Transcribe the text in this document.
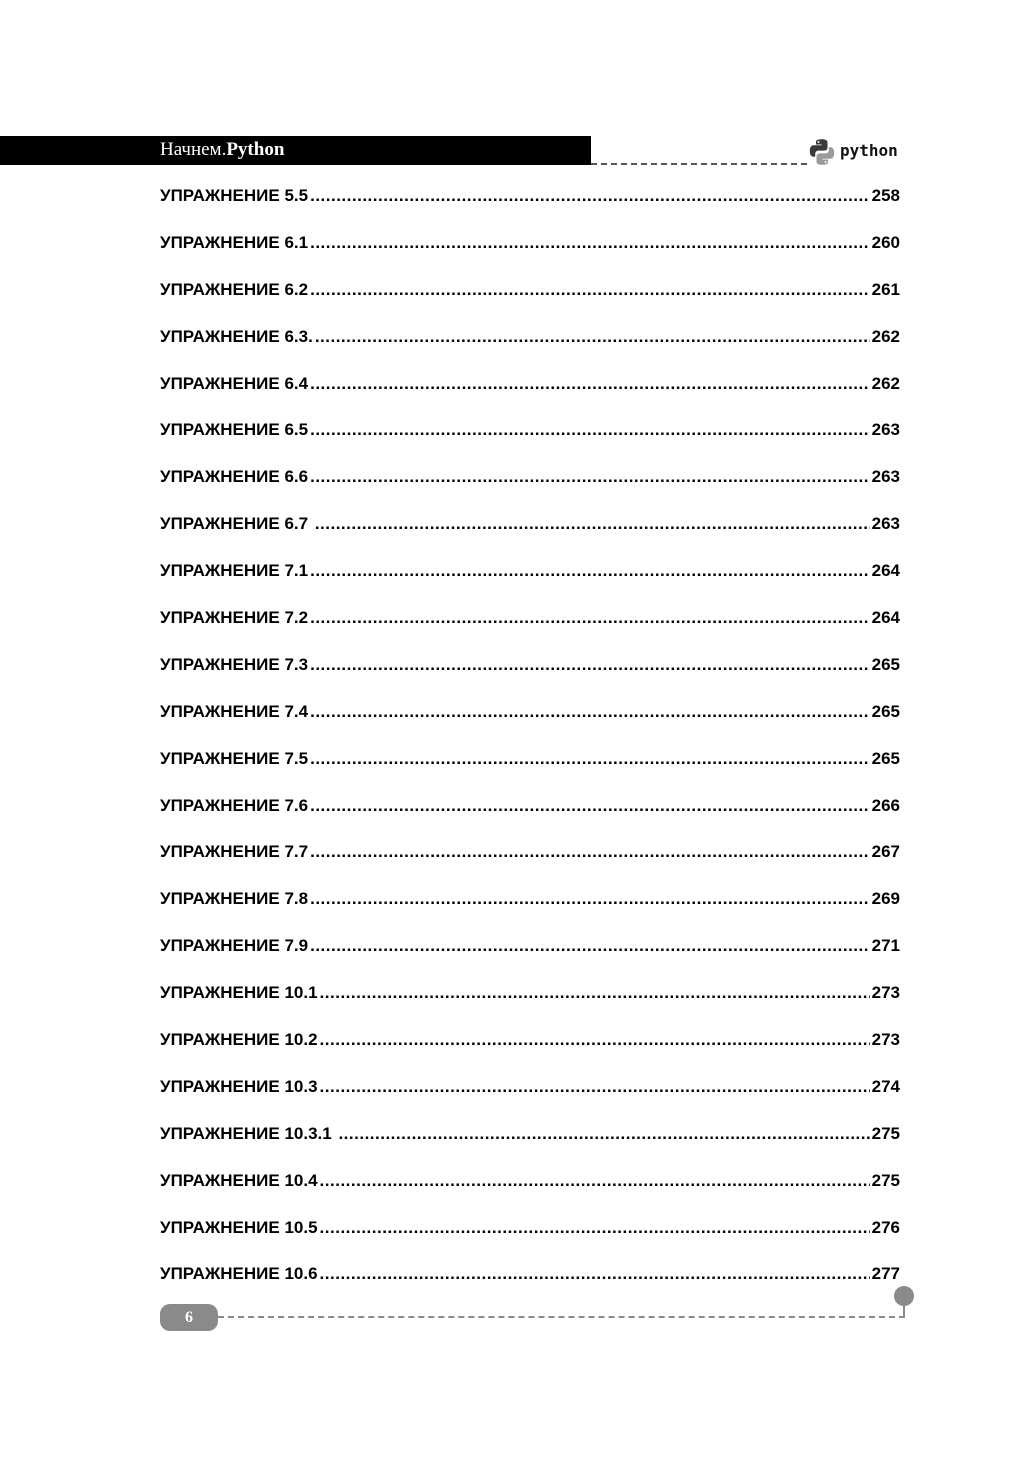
Начнем.Python	python
УПРАЖНЕНИЕ 5.5 .....	258
УПРАЖНЕНИЕ 6.1 .....	260
УПРАЖНЕНИЕ 6.2 .....	261
УПРАЖНЕНИЕ 6.3. .....	262
УПРАЖНЕНИЕ 6.4 .....	262
УПРАЖНЕНИЕ 6.5 .....	263
УПРАЖНЕНИЕ 6.6 .....	263
УПРАЖНЕНИЕ 6.7 .....	263
УПРАЖНЕНИЕ 7.1 .....	264
УПРАЖНЕНИЕ 7.2 .....	264
УПРАЖНЕНИЕ 7.3 .....	265
УПРАЖНЕНИЕ 7.4 .....	265
УПРАЖНЕНИЕ 7.5 .....	265
УПРАЖНЕНИЕ 7.6 .....	266
УПРАЖНЕНИЕ 7.7 .....	267
УПРАЖНЕНИЕ 7.8 .....	269
УПРАЖНЕНИЕ 7.9 .....	271
УПРАЖНЕНИЕ 10.1 .....	273
УПРАЖНЕНИЕ 10.2 .....	273
УПРАЖНЕНИЕ 10.3 .....	274
УПРАЖНЕНИЕ 10.3.1 .....	275
УПРАЖНЕНИЕ 10.4 .....	275
УПРАЖНЕНИЕ 10.5 .....	276
УПРАЖНЕНИЕ 10.6 .....	277
6
